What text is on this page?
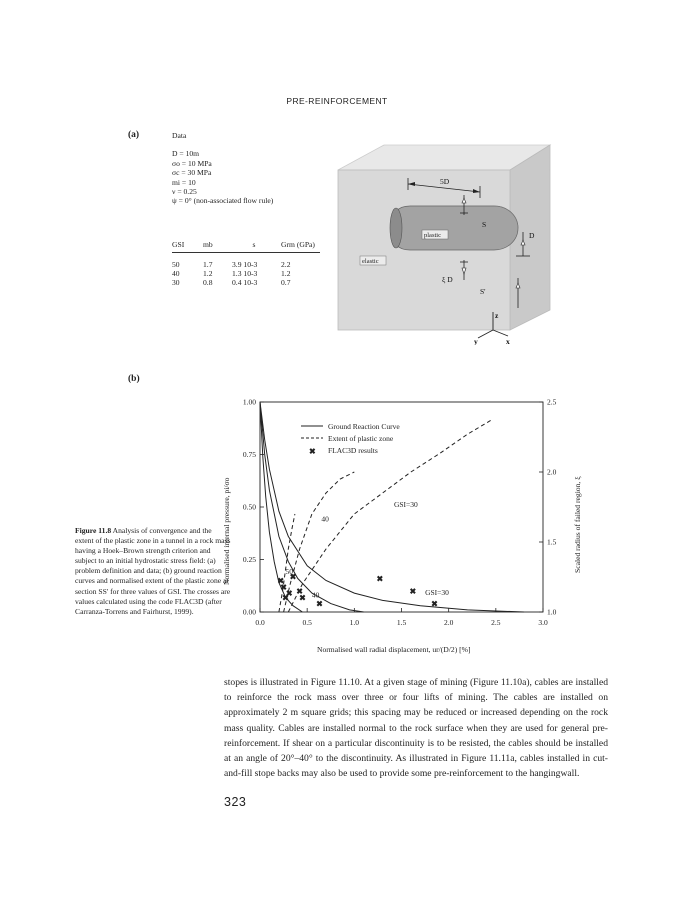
PRE-REINFORCEMENT
(a)	Data
D = 10m
σo = 10 MPa
σc = 30 MPa
mi = 10
ν = 0.25
ψ = 0° (non-associated flow rule)
GSI	mb	s	Grm (GPa)
50	1.7	3.9 10-3	2.2
40	1.2	1.3 10-3	1.2
30	0.8	0.4 10-3	0.7
plastic
elastic
5D
S
D
ξ D
S'
z
y	x
(b)
✖
✖
✖
✖
✖
✖
✖ ✖
✖
✖
✖
50
40
40
GSI=30
GSI=30
0.0	0.5	1.0	1.5	2.0	2.5	3.0
0.00
0.25
0.50
0.75
1.00
1.0
1.5
2.0
2.5
Ground Reaction Curve
Extent of plastic zone
✖ FLAC3D results
Normalised internal pressure, pi/σo	Scaled radius of failed region, ξ
Normalised wall radial displacement, ur/(D/2) [%]
Figure 11.8 Analysis of convergence and the extent of the plastic zone in a tunnel in a rock mass having a Hoek–Brown strength criterion and subject to an initial hydrostatic stress field: (a) problem definition and data; (b) ground reaction curves and normalised extent of the plastic zone at section SS' for three values of GSI. The crosses are values calculated using the code FLAC3D (after Carranza-Torrens and Fairhurst, 1999).
stopes is illustrated in Figure 11.10. At a given stage of mining (Figure 11.10a), cables are installed to reinforce the rock mass over three or four lifts of mining. The cables are installed on approximately 2 m square grids; this spacing may be reduced or increased depending on the rock mass quality. Cables are installed normal to the rock surface when they are used for general pre-reinforcement. If shear on a particular discontinuity is to be resisted, the cables should be installed at an angle of 20°–40° to the discontinuity. As illustrated in Figure 11.11a, cables installed in cut-and-fill stope backs may also be used to provide some pre-reinforcement to the hangingwall.
323
